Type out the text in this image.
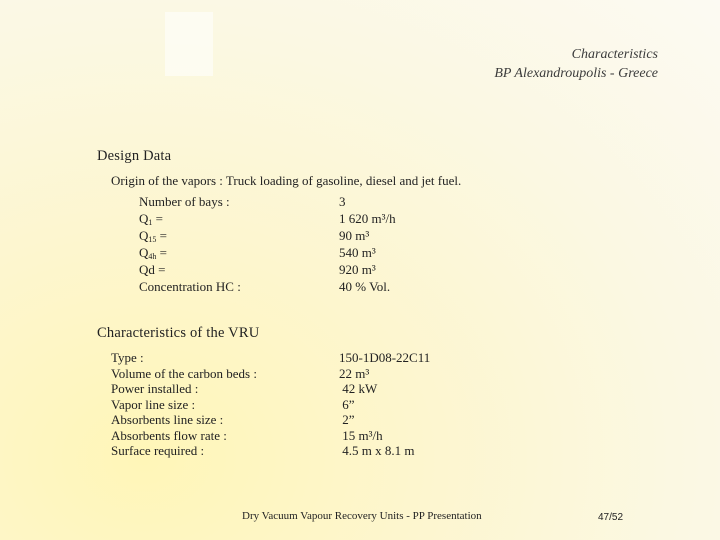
Characteristics
BP Alexandroupolis - Greece
Design Data
Origin of the vapors : Truck loading of gasoline, diesel and jet fuel.
Number of bays :	3
$Q_1$ =	1 620 m³/h
$Q_{15}$ =	90 m³
$Q_{4h}$ =	540 m³
Qd =	920 m³
Concentration HC :	40 % Vol.
Characteristics of the VRU
Type :	150-1D08-22C11
Volume of the carbon beds :	22 m³
Power installed :	42 kW
Vapor line size :	6”
Absorbents line size :	2”
Absorbents flow rate :	15 m³/h
Surface required :	4.5 m x 8.1 m
Dry Vacuum Vapour Recovery Units - PP Presentation	47/52
